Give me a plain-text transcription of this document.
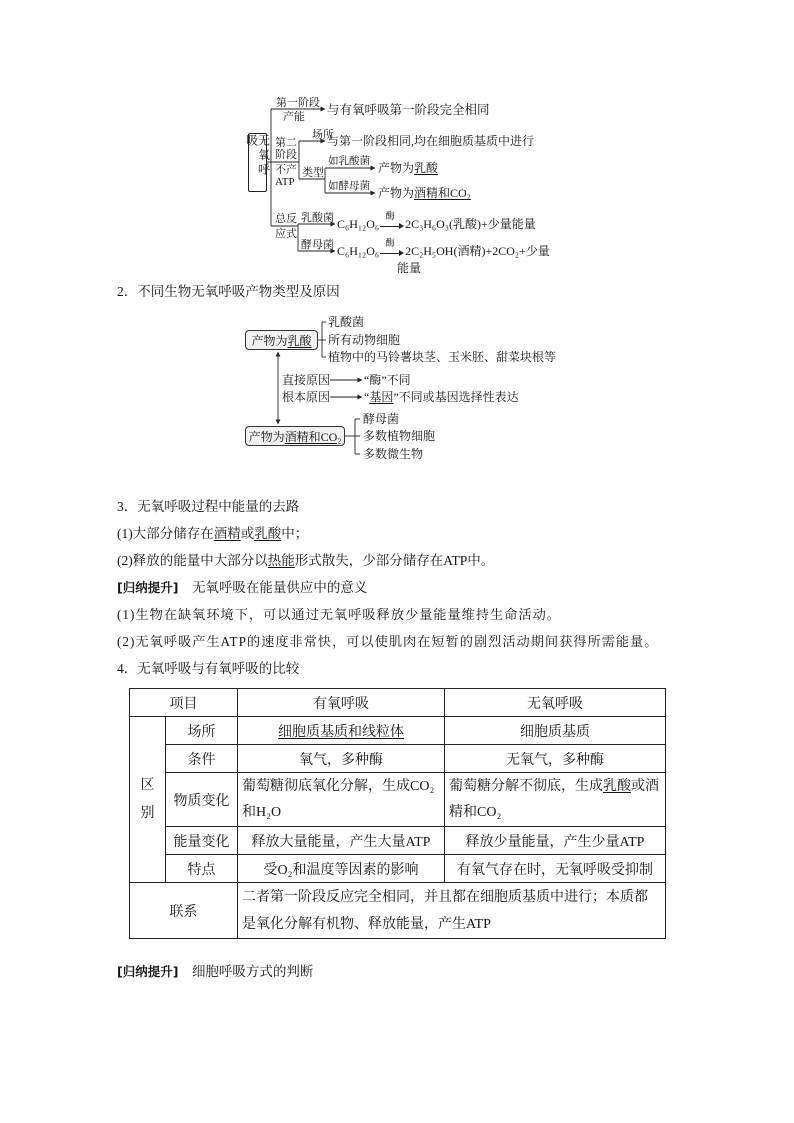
无氧呼吸
第一阶段
产能 与有氧呼吸第一阶段完全相同
第二
阶段
不产
ATP
场所
与第一阶段相同,均在细胞质基质中进行
类型
如乳酸菌 产物为乳酸
如酵母菌 产物为酒精和CO₂
总反
应式
乳酸菌 C₆H₁₂O₆ 酶 2C₃H₆O₃(乳酸)+少量能量
酵母菌 C₆H₁₂O₆ 酶 2C₂H₅OH(酒精)+2CO₂+少量
能量
2．不同生物无氧呼吸产物类型及原因
产物为 乳酸
乳酸菌
所有动物细胞
植物中的马铃薯块茎、玉米胚、甜菜块根等
直接原因	“酶”不同
根本原因	“基因”不同或基因选择性表达
产物为 酒精和CO₂
酵母菌
多数植物细胞
多数微生物
3．无氧呼吸过程中能量的去路
(1)大部分储存在酒精或乳酸中；
(2)释放的能量中大部分以热能形式散失，少部分储存在ATP中。
[归纳提升] 无氧呼吸在能量供应中的意义
(1)生物在缺氧环境下，可以通过无氧呼吸释放少量能量维持生命活动。
(2)无氧呼吸产生ATP的速度非常快，可以使肌肉在短暂的剧烈活动期间获得所需能量。
4．无氧呼吸与有氧呼吸的比较
项目		有氧呼吸	无氧呼吸

区别	场所	细胞质基质和线粒体	细胞质基质
	条件	氧气，多种酶	无氧气，多种酶
	物质变化	葡萄糖彻底氧化分解，生成CO₂和H₂O	葡萄糖分解不彻底，生成乳酸或酒精和CO₂
	能量变化	释放大量能量，产生大量ATP	释放少量能量，产生少量ATP
	特点	受O₂和温度等因素的影响	有氧气存在时，无氧呼吸受抑制
联系		二者第一阶段反应完全相同，并且都在细胞质基质中进行；本质都是氧化分解有机物、释放能量，产生ATP	
[归纳提升] 细胞呼吸方式的判断
